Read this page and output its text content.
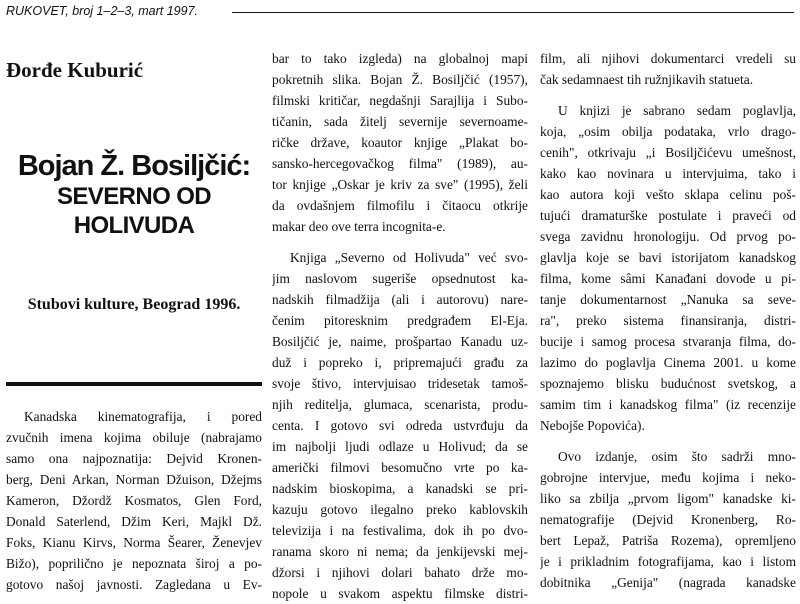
RUKOVET, broj 1–2–3, mart 1997.
Đorđe Kuburić
Bojan Ž. Bosiljčić:
SEVERNO OD
HOLIVUDA
Stubovi kulture, Beograd 1996.
Kanadska kinematografija, i pored
zvučnih imena kojima obiluje (nabrajamo
samo ona najpoznatija: Dejvid Kronen-
berg, Deni Arkan, Norman Džuison, Džejms
Kameron, Džordž Kosmatos, Glen Ford,
Donald Saterlend, Džim Keri, Majkl Dž.
Foks, Kianu Kirvs, Norma Šearer, Ženevjev
Bižo), poprilično je nepoznata široj a po-
gotovo našoj javnosti. Zagledana u Ev-
bar to tako izgleda) na globalnoj mapi
pokretnih slika. Bojan Ž. Bosiljčić (1957),
filmski kritičar, negdašnji Sarajlija i Subo-
tičanin, sada žitelj severnije severnoame-
ričke države, koautor knjige „Plakat bo-
sansko-hercegovačkog filma" (1989), au-
tor knjige „Oskar je kriv za sve" (1995), želi
da ovdašnjem filmofilu i čitaocu otkrije
makar deo ove terra incognita-e.
Knjiga „Severno od Holivuda" već svo-
jim naslovom sugeriše opsednutost ka-
nadskih filmadžija (ali i autorovu) nare-
čenim pitoresknim predgrađem El-Eja.
Bosiljčić je, naime, prošpartao Kanadu uz-
duž i popreko i, pripremajući građu za
svoje štivo, intervjuisao tridesetak tamoš-
njih reditelja, glumaca, scenarista, produ-
centa. I gotovo svi odreda ustvrđuju da
im najbolji ljudi odlaze u Holivud; da se
američki filmovi besomučno vrte po ka-
nadskim bioskopima, a kanadski se pri-
kazuju gotovo ilegalno preko kablovskih
televizija i na festivalima, dok ih po dvo-
ranama skoro ni nema; da jenkijevski mej-
džorsi i njihovi dolari bahato drže mo-
nopole u svakom aspektu filmske distri-
film, ali njihovi dokumentarci vredeli su
čak sedamnaest tih ružnjikavih statueta.
U knjizi je sabrano sedam poglavlja,
koja, „osim obilja podataka, vrlo drago-
cenih", otkrivaju „i Bosiljčićevu umešnost,
kako kao novinara u intervjuima, tako i
kao autora koji vešto sklapa celinu poš-
tujući dramaturške postulate i praveći od
svega zavidnu hronologiju. Od prvog po-
glavlja koje se bavi istorijatom kanadskog
filma, kome sâmi Kanađani dovode u pi-
tanje dokumentarnost „Nanuka sa seve-
ra", preko sistema finansiranja, distri-
bucije i samog procesa stvaranja filma, do-
lazimo do poglavlja Cinema 2001. u kome
spoznajemo blisku budućnost svetskog, a
samim tim i kanadskog filma" (iz recenzije
Nebojše Popovića).
Ovo izdanje, osim što sadrži mno-
gobrojne intervjue, među kojima i neko-
liko sa zbilja „prvom ligom" kanadske ki-
nematografije (Dejvid Kronenberg, Ro-
bert Lepaž, Patriša Rozema), opremljeno
je i prikladnim fotografijama, kao i listom
dobitnika „Genija" (nagrada kanadske
